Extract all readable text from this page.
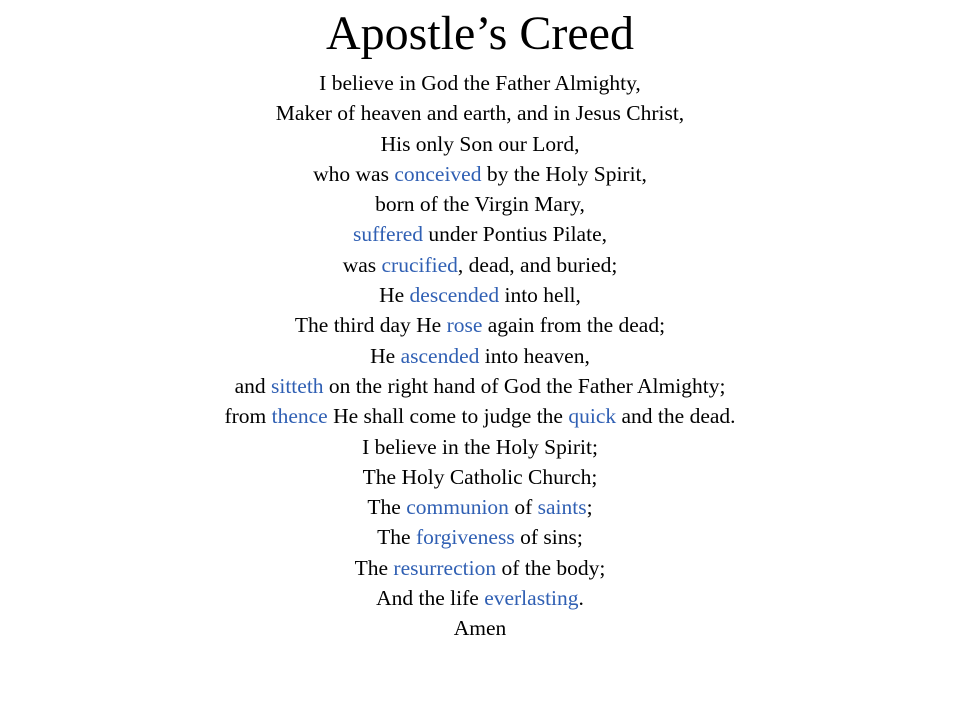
Apostle’s Creed
I believe in God the Father Almighty,
Maker of heaven and earth, and in Jesus Christ,
His only Son our Lord,
who was conceived by the Holy Spirit,
born of the Virgin Mary,
suffered under Pontius Pilate,
was crucified, dead, and buried;
He descended into hell,
The third day He rose again from the dead;
He ascended into heaven,
and sitteth on the right hand of God the Father Almighty;
from thence He shall come to judge the quick and the dead.
I believe in the Holy Spirit;
The Holy Catholic Church;
The communion of saints;
The forgiveness of sins;
The resurrection of the body;
And the life everlasting.
Amen
